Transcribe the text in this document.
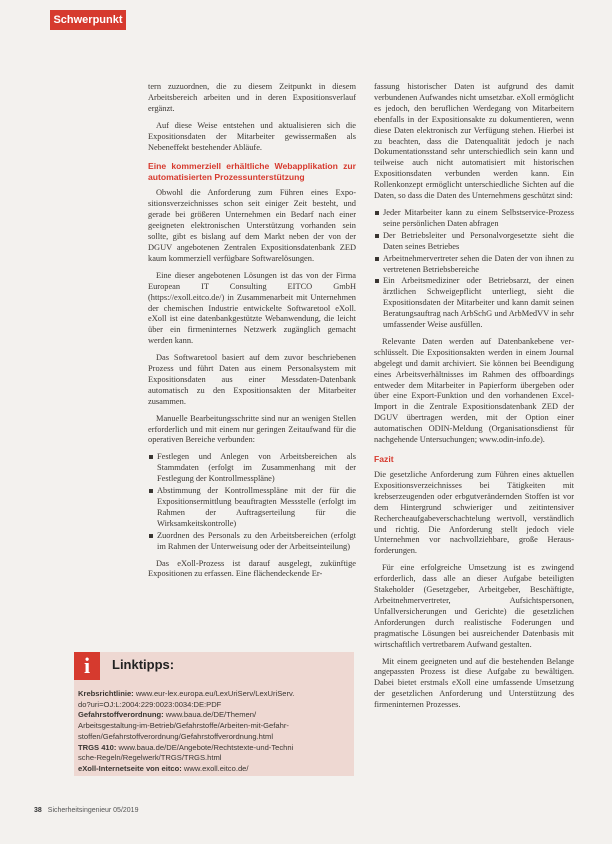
Schwerpunkt

tern zuzuordnen, die zu diesem Zeitpunkt in diesem Arbeitsbereich arbeiten und in deren Expositionsverlauf ergänzt.

Auf diese Weise entstehen und aktualisieren sich die Expositionsdaten der Mitarbeiter gewissermaßen als Nebeneffekt bestehender Abläufe.

Eine kommerziell erhältliche Webapplikation zur automatisierten Prozessunterstützung

Obwohl die Anforderung zum Führen eines Expositionsverzeichnisses schon seit einiger Zeit besteht, und gerade bei größeren Unternehmen ein Bedarf nach einer geeigneten elektronischen Unterstützung vorhanden sein sollte, gibt es bislang auf dem Markt neben der von der DGUV angebotenen Zentralen Expositionsdatenbank ZED kaum kommerziell verfügbare Softwarelösungen.

Eine dieser angebotenen Lösungen ist das von der Firma European IT Consulting EITCO GmbH (https://exoll.eitco.de/) in Zusammenarbeit mit Unternehmen der chemischen Industrie entwickelte Softwaretool eXoll. eXoll ist eine datenbankgestützte Webanwendung, die leicht über ein firmeninternes Netzwerk zugänglich gemacht werden kann.

Das Softwaretool basiert auf dem zuvor beschriebenen Prozess und führt Daten aus einem Personalsystem mit Expositionsdaten aus einer Messdaten-Datenbank automatisch zu den Expositionsakten der Mitarbeiter zusammen.

Manuelle Bearbeitungsschritte sind nur an wenigen Stellen erforderlich und mit einem nur geringen Zeitaufwand für die operativen Bereiche verbunden:

Festlegen und Anlegen von Arbeitsbereichen als Stammdaten (erfolgt im Zusammenhang mit der Festlegung der Kontrollmesspläne)
Abstimmung der Kontrollmesspläne mit der für die Expositionsermittlung beauftragten Messstelle (erfolgt im Rahmen der Auftragserteilung für die Wirksamkeitskontrolle)
Zuordnen des Personals zu den Arbeitsbereichen (erfolgt im Rahmen der Unterweisung oder der Arbeitseinteilung)

Das eXoll-Prozess ist darauf ausgelegt, zukünftige Expositionen zu erfassen. Eine flächendeckende Er-

fassung historischer Daten ist aufgrund des damit verbundenen Aufwandes nicht umsetzbar. eXoll ermöglicht es jedoch, den beruflichen Werdegang von Mitarbeitern ebenfalls in der Expositionsakte zu dokumentieren, wenn diese Daten elektronisch zur Verfügung stehen. Hierbei ist zu beachten, dass die Datenqualität jedoch je nach Dokumentationsstand sehr unterschiedlich sein kann und teilweise auch nicht automatisiert mit historischen Expositionsdaten verbunden werden kann. Ein Rollenkonzept ermöglicht unterschiedliche Sichten auf die Daten, so dass die Daten des Unternehmens geschützt sind:

Jeder Mitarbeiter kann zu einem Selbstservice-Prozess seine persönlichen Daten abfragen
Der Betriebsleiter und Personalvorgesetzte sieht die Daten seines Betriebes
Arbeitnehmervertreter sehen die Daten der von ihnen zu vertretenen Betriebsbereiche
Ein Arbeitsmediziner oder Betriebsarzt, der einen ärztlichen Schweigepflicht unterliegt, sieht die Expositionsdaten der Mitarbeiter und kann damit seinen Beratungsauftrag nach ArbSchG und ArbMedVV in sehr umfassender Weise ausfüllen.

Relevante Daten werden auf Datenbankebene verschlüsselt. Die Expositionsakten werden in einem Journal abgelegt und damit archiviert. Sie können bei Beendigung eines Arbeitsverhältnisses im Rahmen des offboardings entweder dem Mitarbeiter in Papierform übergeben oder über eine Export-Funktion und den vorhandenen Excel-Import in die Zentrale Expositionsdatenbank ZED der DGUV übertragen werden, mit der Option einer automatischen ODIN-Meldung (Organisationsdienst für nachgehende Untersuchungen; www.odin-info.de).

Fazit

Die gesetzliche Anforderung zum Führen eines aktuellen Expositionsverzeichnisses bei Tätigkeiten mit krebserzeugenden oder erbgutverändernden Stoffen ist vor dem Hintergrund schwieriger und zeitintensiver Rechercheaufgabeverschachtelung wertvoll, verständlich und richtig. Die Anforderung stellt jedoch viele Unternehmen vor nachvollziehbare, große Herausforderungen.

Für eine erfolgreiche Umsetzung ist es zwingend erforderlich, dass alle an dieser Aufgabe beteiligten Stakeholder (Gesetzgeber, Arbeitgeber, Beschäftigte, Arbeitnehmervertreter, Aufsichtspersonen, Unfallversicherungen und Gerichte) die gesetzlichen Anforderungen durch realistische Foderungen und pragmatische Lösungen bei ausreichender Datenbasis mit wirtschaftlich vertretbarem Aufwand gestalten.

Mit einem geeigneten und auf die bestehenden Belange angepassten Prozess ist diese Aufgabe zu bewältigen. Dabei bietet erstmals eXoll eine umfassende Umsetzung der gesetzlichen Anforderung und Unterstützung des firmeninternen Prozesses.

i	Linktipps:
Krebsrichtlinie: www.eur-lex.europa.eu/LexUriServ/LexUriServ.
do?uri=OJ:L:2004:229:0023:0034:DE:PDF
Gefahrstoffverordnung: www.baua.de/DE/Themen/
Arbeitsgestaltung-im-Betrieb/Gefahrstoffe/Arbeiten-mit-Gefahr-
stoffen/Gefahrstoffverordnung/Gefahrstoffverordnung.html
TRGS 410: www.baua.de/DE/Angebote/Rechtstexte-und-Techni
sche-Regeln/Regelwerk/TRGS/TRGS.html
eXoll-Internetseite von eitco: www.exoll.eitco.de/
38 Sicherheitsingenieur 05/2019
